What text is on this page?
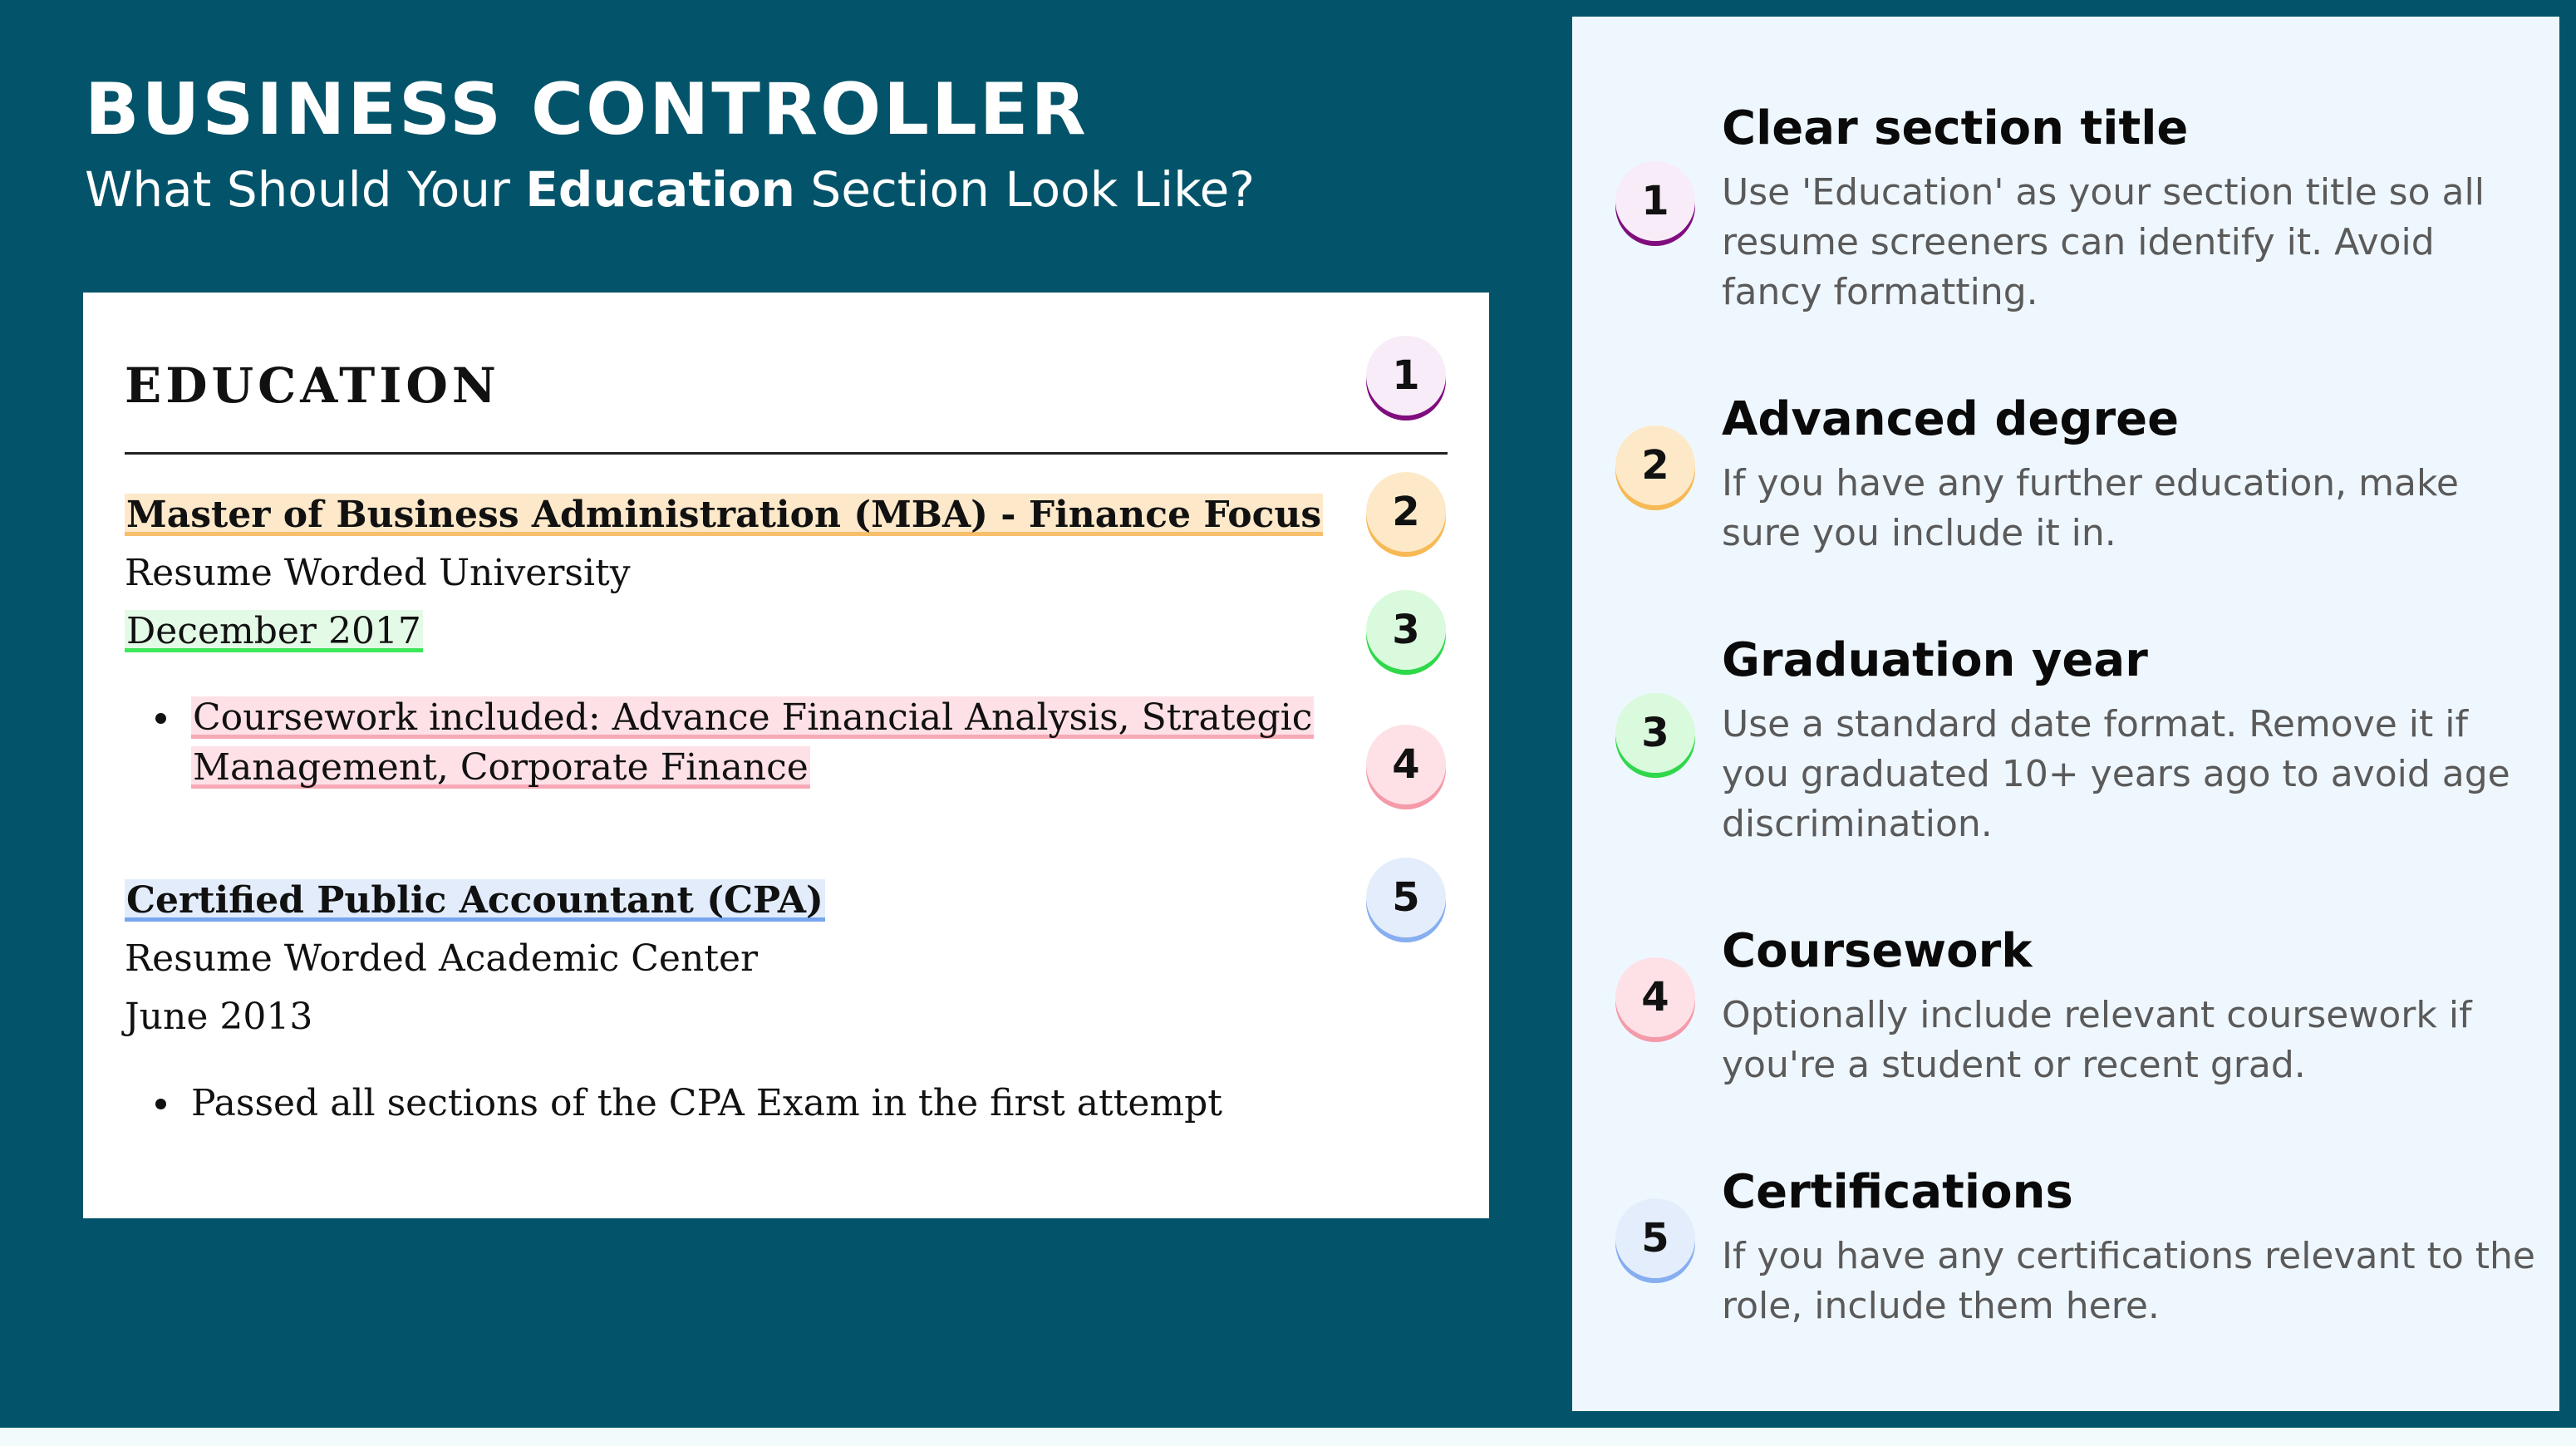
BUSINESS CONTROLLER
What Should Your Education Section Look Like?
EDUCATION
Master of Business Administration (MBA) - Finance Focus
Resume Worded University
December 2017
Coursework included: Advance Financial Analysis, Strategic
Management, Corporate Finance
Certified Public Accountant (CPA)
Resume Worded Academic Center
June 2013
Passed all sections of the CPA Exam in the first attempt
1
2
3
4
5
1
Clear section title
Use 'Education' as your section title so all resume screeners can identify it. Avoid fancy formatting.
2
Advanced degree
If you have any further education, make sure you include it in.
3
Graduation year
Use a standard date format. Remove it if you graduated 10+ years ago to avoid age discrimination.
4
Coursework
Optionally include relevant coursework if you're a student or recent grad.
5
Certifications
If you have any certifications relevant to the role, include them here.
